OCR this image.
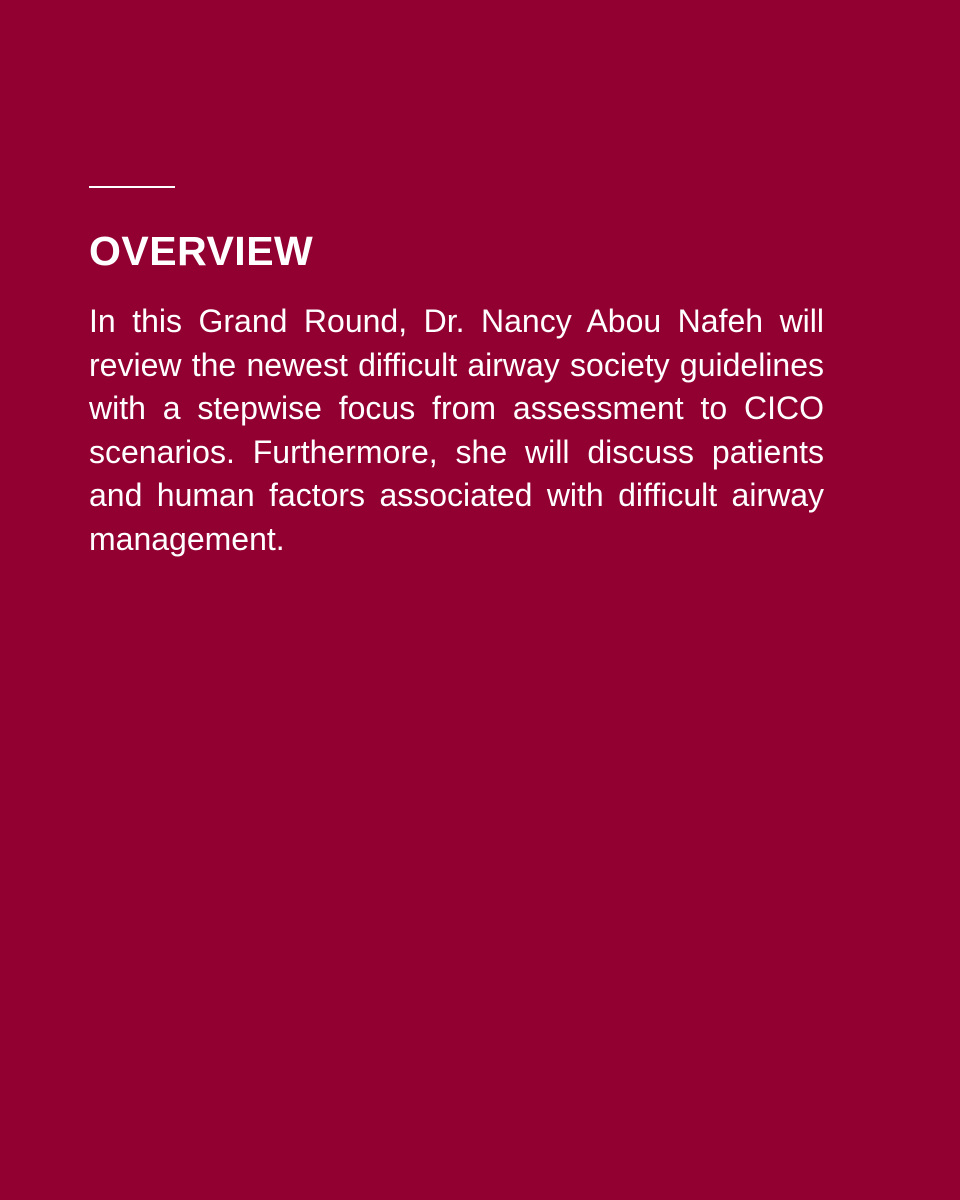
OVERVIEW

In this Grand Round, Dr. Nancy Abou Nafeh will review the newest difficult airway society guidelines with a stepwise focus from assessment to CICO scenarios. Furthermore, she will discuss patients and human factors associated with difficult airway management.
